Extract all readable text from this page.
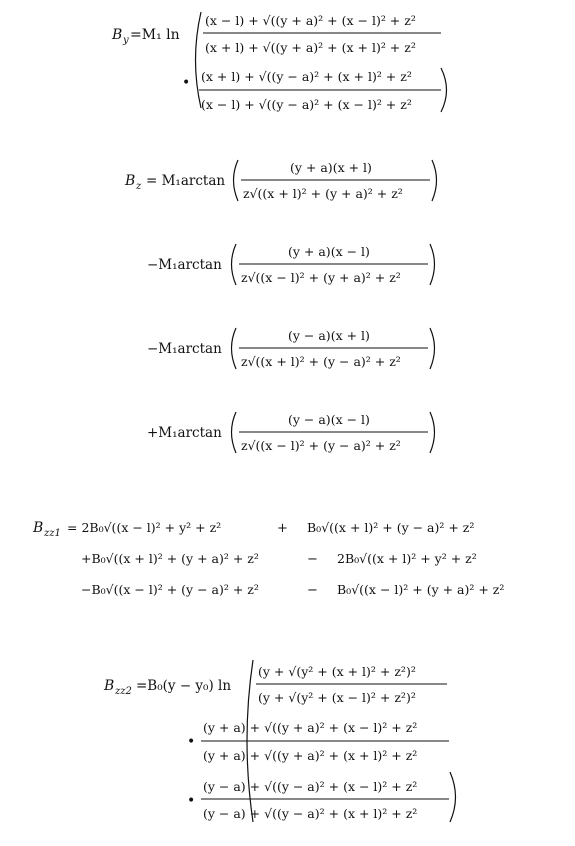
B y =M₁ ln
(x − l) + √((y + a)² + (x − l)² + z²
(x + l) + √((y + a)² + (x + l)² + z²
• (x + l) + √((y − a)² + (x + l)² + z²
(x − l) + √((y − a)² + (x − l)² + z²
B z = M₁arctan
(y + a)(x + l)
z√((x + l)² + (y + a)² + z²
−M₁arctan
(y + a)(x − l)
z√((x − l)² + (y + a)² + z²
−M₁arctan
(y − a)(x + l)
z√((x + l)² + (y − a)² + z²
+M₁arctan
(y − a)(x − l)
z√((x − l)² + (y − a)² + z²
B zz1 = 2B₀√((x − l)² + y² + z²	+ B₀√((x + l)² + (y − a)² + z²
+B₀√((x + l)² + (y + a)² + z²	− 2B₀√((x + l)² + y² + z²
−B₀√((x − l)² + (y − a)² + z²	− B₀√((x − l)² + (y + a)² + z²
B zz2 =B₀(y − y₀) ln
(y + √(y² + (x + l)² + z²)²
(y + √(y² + (x − l)² + z²)²
•
(y + a) + √((y + a)² + (x − l)² + z²
(y + a) + √((y + a)² + (x + l)² + z²
•
(y − a) + √((y − a)² + (x − l)² + z²
(y − a) + √((y − a)² + (x + l)² + z²
